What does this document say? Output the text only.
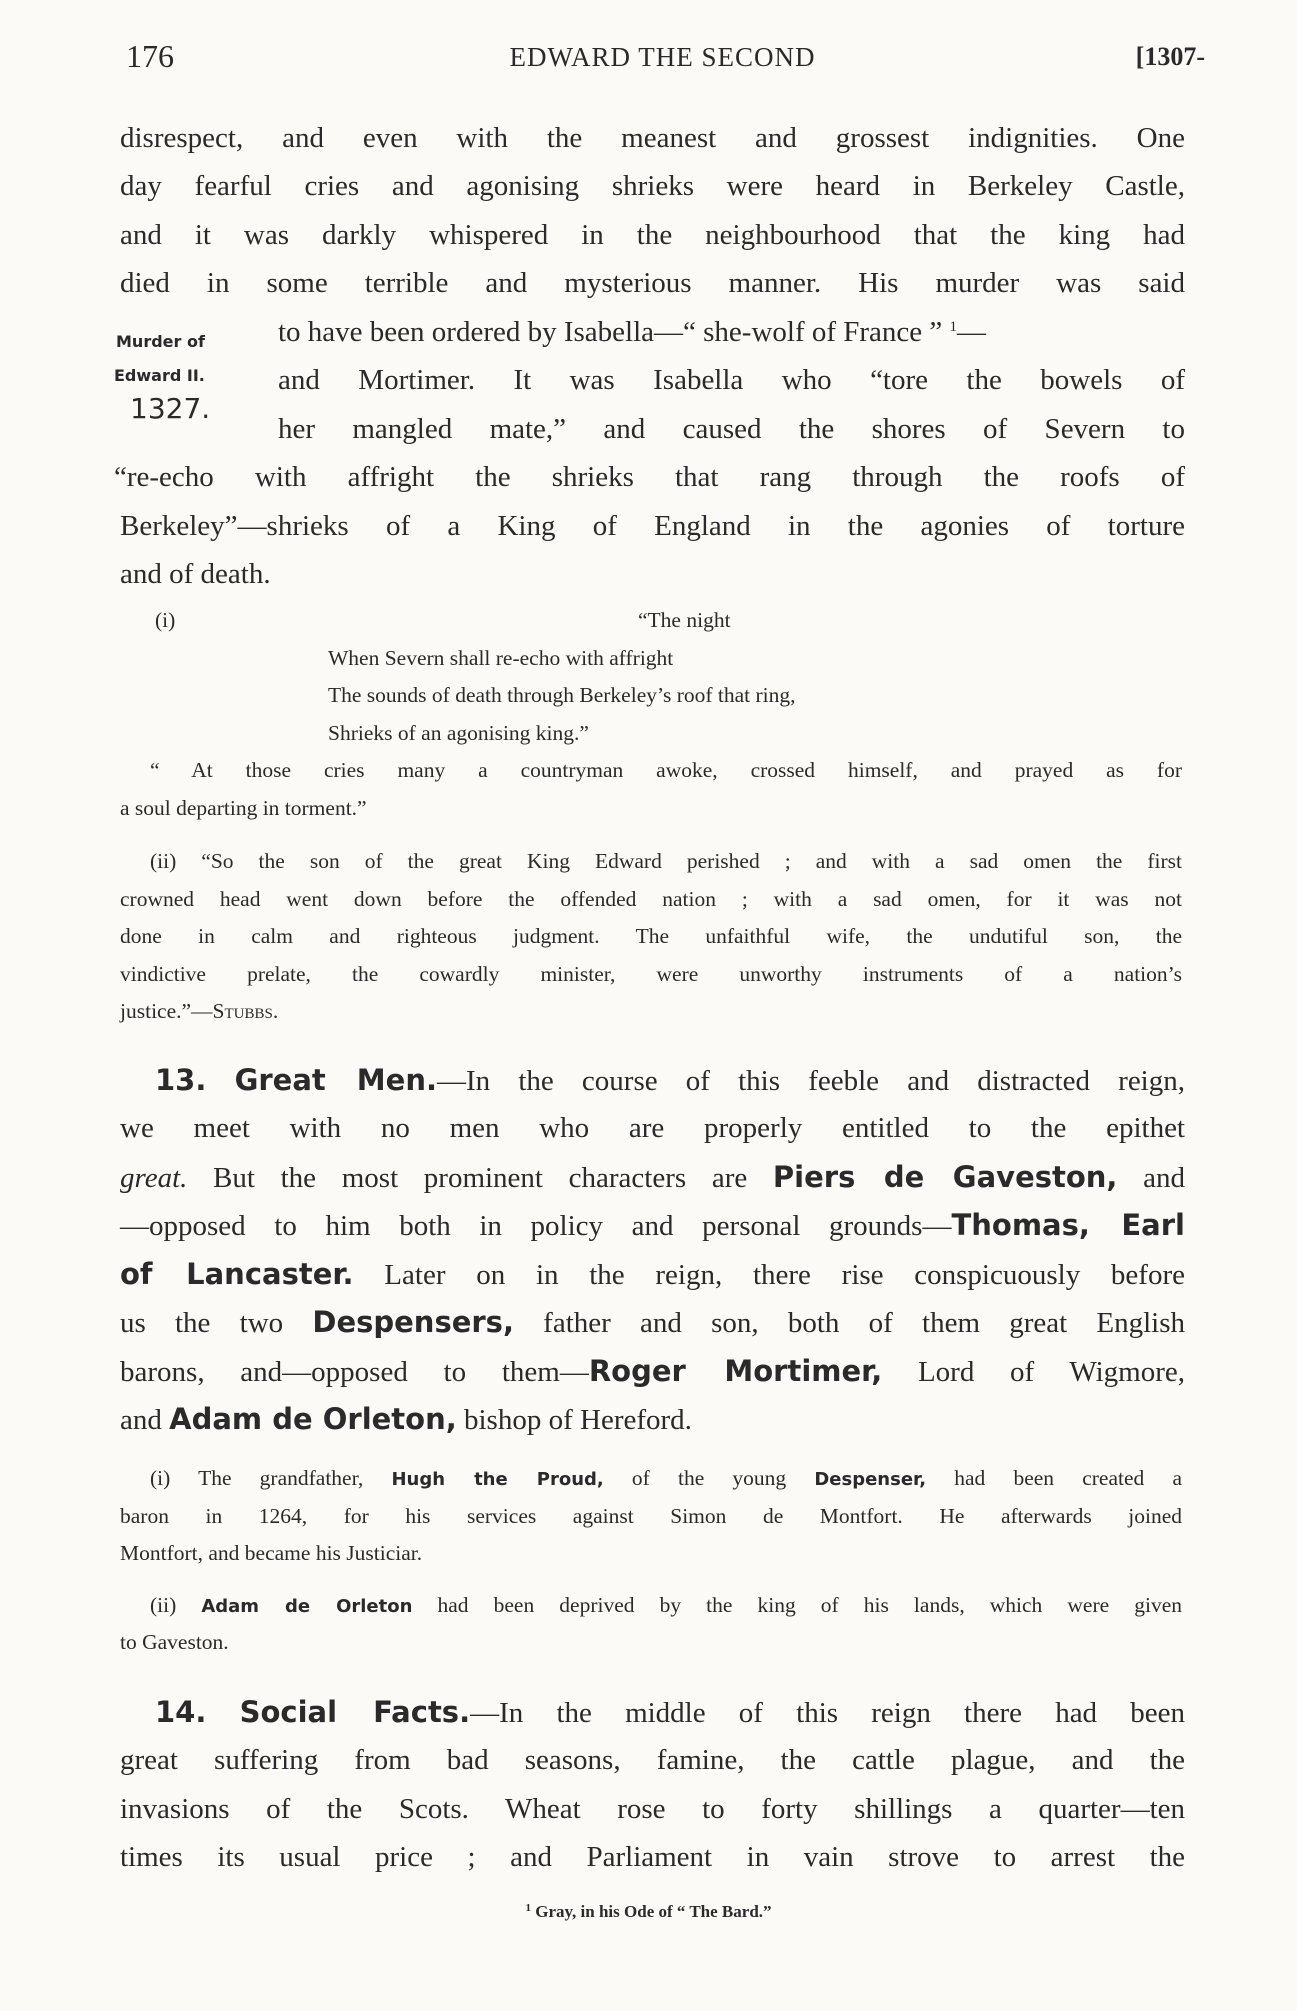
176	EDWARD THE SECOND	[1307-
Murder of
Edward II.
1327.
disrespect, and even with the meanest and grossest indignities. One
day fearful cries and agonising shrieks were heard in Berkeley Castle,
and it was darkly whispered in the neighbourhood that the king had
died in some terrible and mysterious manner. His murder was said
to have been ordered by Isabella—“ she-wolf of France ” $^1$—
and Mortimer. It was Isabella who “tore the bowels of
her mangled mate,” and caused the shores of Severn to
“re-echo with affright the shrieks that rang through the roofs of
Berkeley”—shrieks of a King of England in the agonies of torture
and of death.
(i)	“The night
When Severn shall re-echo with affright
The sounds of death through Berkeley’s roof that ring,
Shrieks of an agonising king.”
“ At those cries many a countryman awoke, crossed himself, and prayed as for
a soul departing in torment.”
(ii) “So the son of the great King Edward perished ; and with a sad omen the first
crowned head went down before the offended nation ; with a sad omen, for it was not
done in calm and righteous judgment. The unfaithful wife, the undutiful son, the
vindictive prelate, the cowardly minister, were unworthy instruments of a nation’s
justice.”—Stubbs.
13. Great Men.—In the course of this feeble and distracted reign,
we meet with no men who are properly entitled to the epithet
great. But the most prominent characters are Piers de Gaveston, and
—opposed to him both in policy and personal grounds—Thomas, Earl
of Lancaster. Later on in the reign, there rise conspicuously before
us the two Despensers, father and son, both of them great English
barons, and—opposed to them—Roger Mortimer, Lord of Wigmore,
and Adam de Orleton, bishop of Hereford.
(i) The grandfather, Hugh the Proud, of the young Despenser, had been created a
baron in 1264, for his services against Simon de Montfort. He afterwards joined
Montfort, and became his Justiciar.
(ii) Adam de Orleton had been deprived by the king of his lands, which were given
to Gaveston.
14. Social Facts.—In the middle of this reign there had been
great suffering from bad seasons, famine, the cattle plague, and the
invasions of the Scots. Wheat rose to forty shillings a quarter—ten
times its usual price ; and Parliament in vain strove to arrest the
$^1$ Gray, in his Ode of “ The Bard.”
